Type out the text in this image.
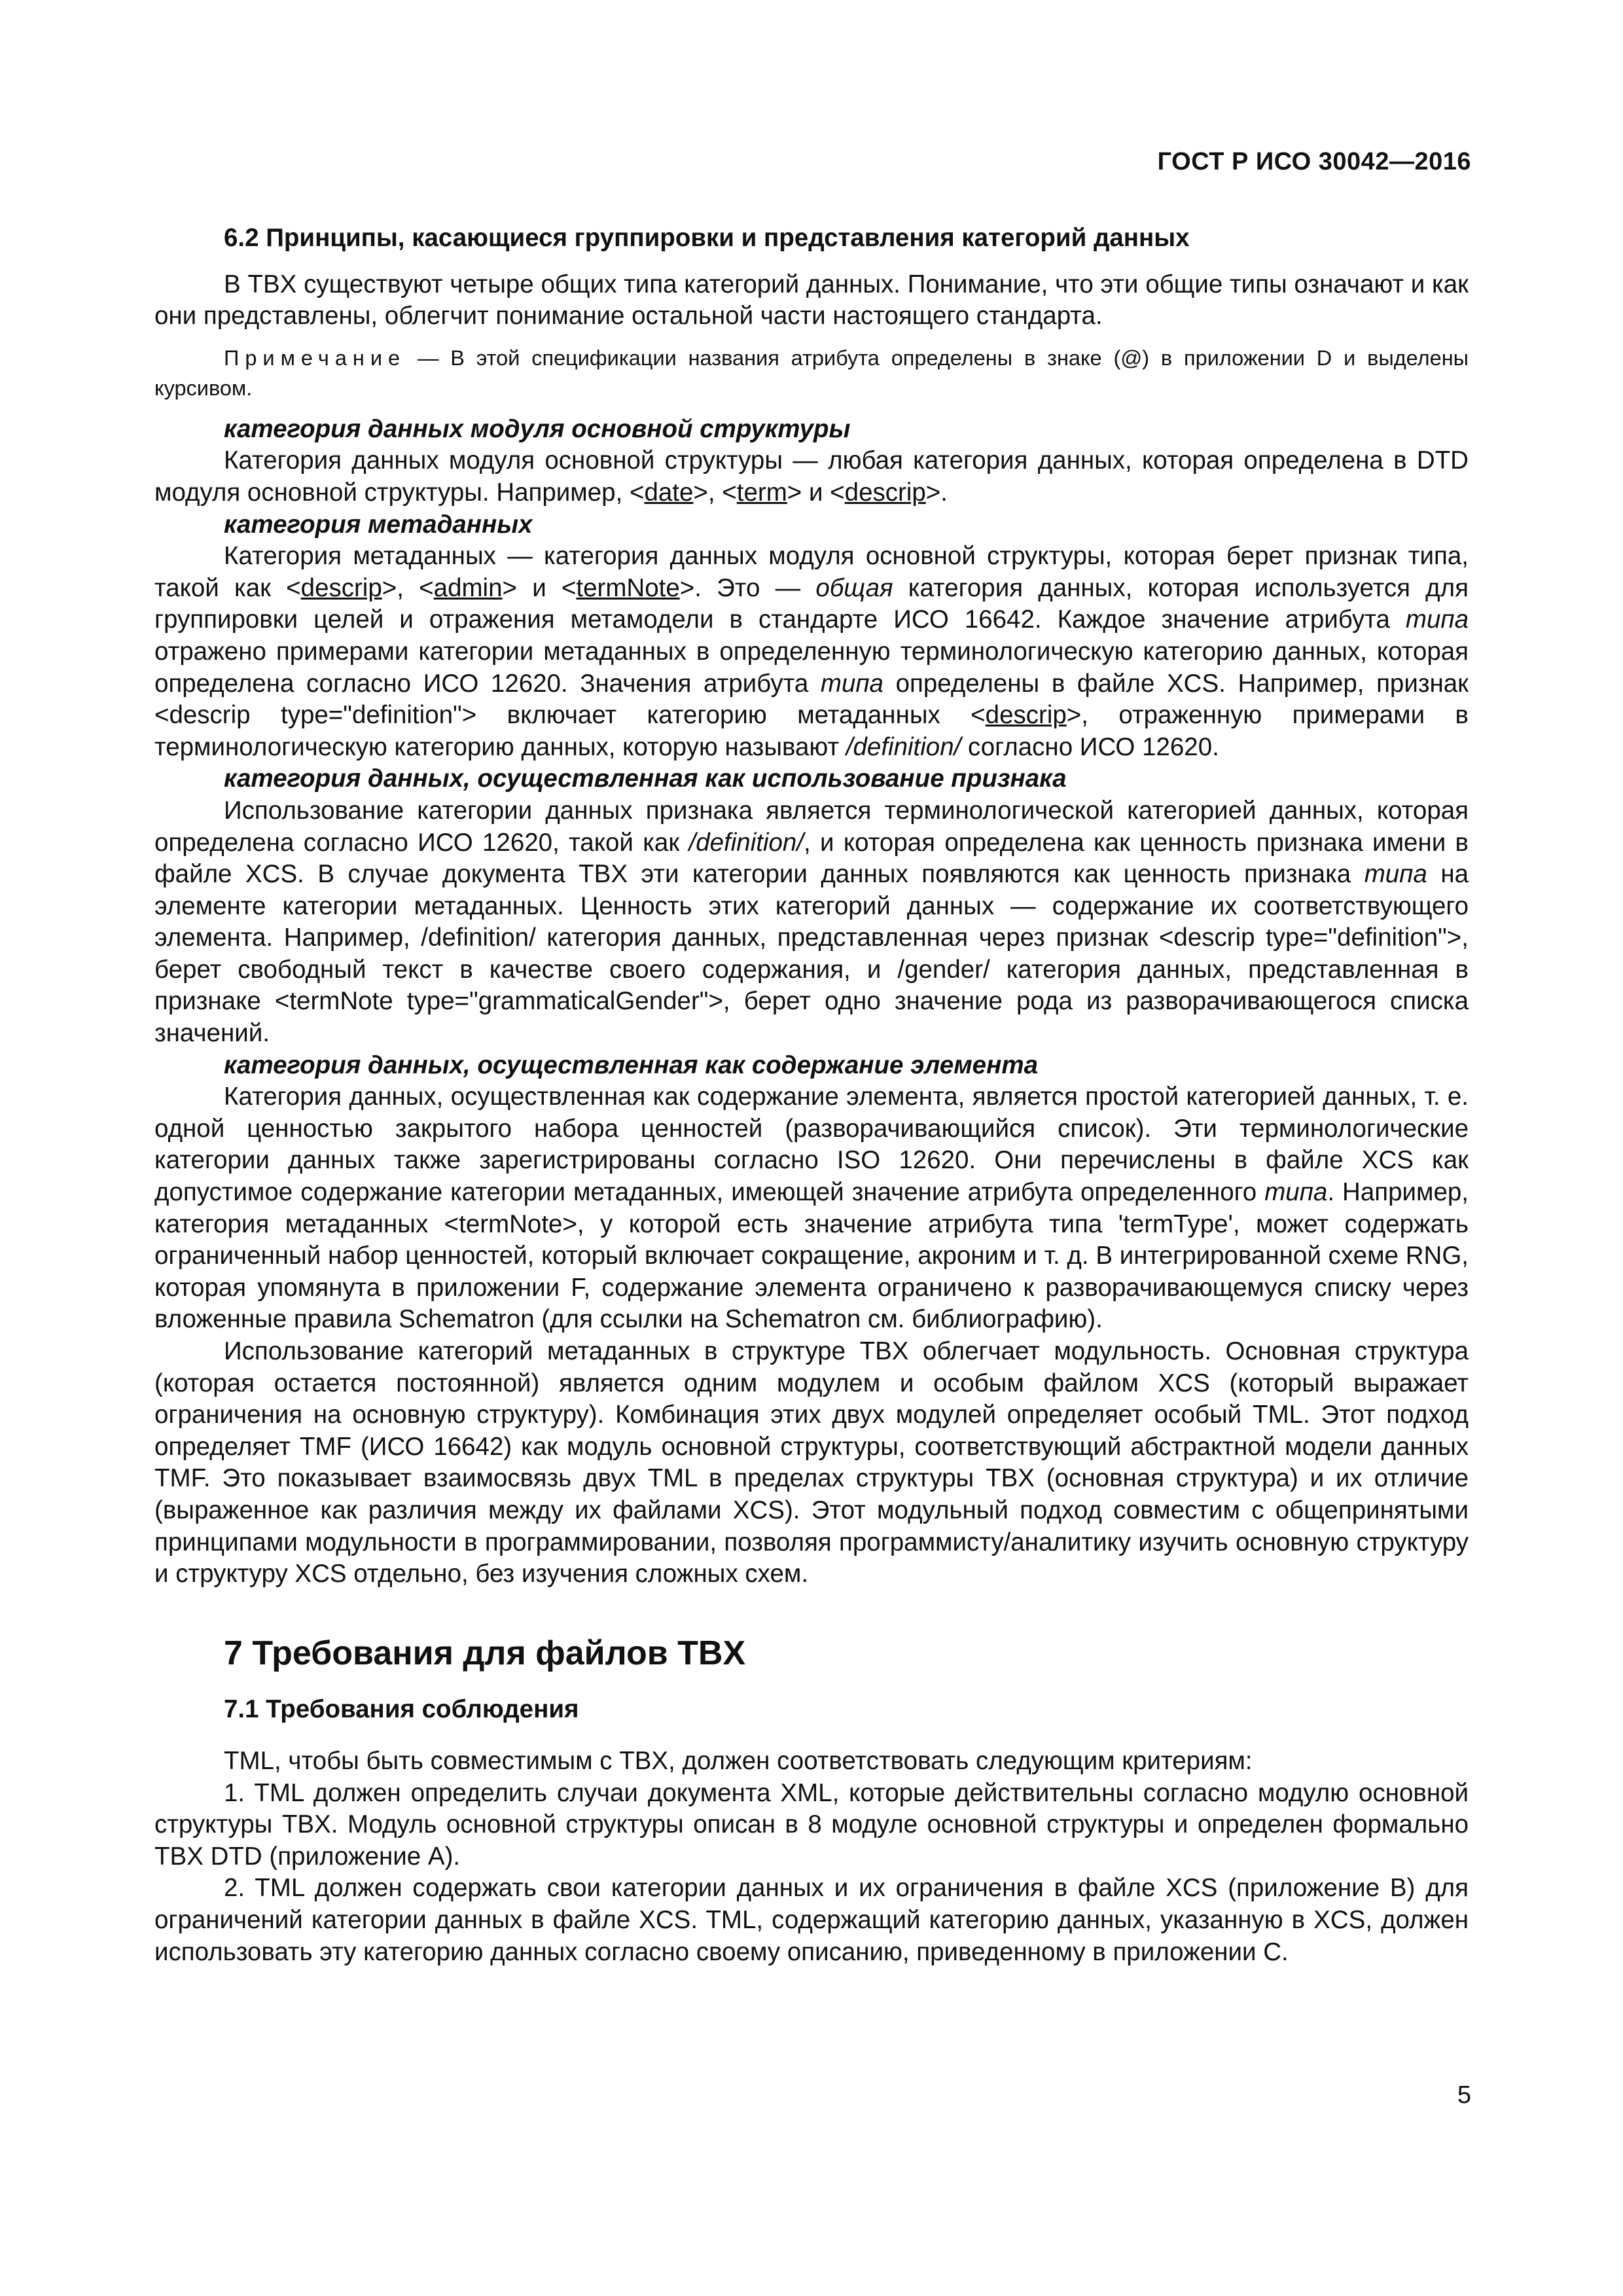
ГОСТ Р ИСО 30042—2016
6.2 Принципы, касающиеся группировки и представления категорий данных

В TBX существуют четыре общих типа категорий данных. Понимание, что эти общие типы означают и как они представлены, облегчит понимание остальной части настоящего стандарта.

Примечание — В этой спецификации названия атрибута определены в знаке (@) в приложении D и выделены курсивом.
категория данных модуля основной структуры

Категория данных модуля основной структуры — любая категория данных, которая определена в DTD модуля основной структуры. Например, <date>, <term> и <descrip>.

категория метаданных

Категория метаданных — категория данных модуля основной структуры, которая берет признак типа, такой как <descrip>, <admin> и <termNote>. Это — общая категория данных, которая используется для группировки целей и отражения метамодели в стандарте ИСО 16642. Каждое значение атрибута типа отражено примерами категории метаданных в определенную терминологическую категорию данных, которая определена согласно ИСО 12620. Значения атрибута типа определены в файле XCS. Например, признак <descrip type="definition"> включает категорию метаданных <descrip>, отраженную примерами в терминологическую категорию данных, которую называют /definition/ согласно ИСО 12620.

категория данных, осуществленная как использование признака

Использование категории данных признака является терминологической категорией данных, которая определена согласно ИСО 12620, такой как /definition/, и которая определена как ценность признака имени в файле XCS. В случае документа TBX эти категории данных появляются как ценность признака типа на элементе категории метаданных. Ценность этих категорий данных — содержание их соответствующего элемента. Например, /definition/ категория данных, представленная через признак <descrip type="definition">, берет свободный текст в качестве своего содержания, и /gender/ категория данных, представленная в признаке <termNote type="grammaticalGender">, берет одно значение рода из разворачивающегося списка значений.

категория данных, осуществленная как содержание элемента

Категория данных, осуществленная как содержание элемента, является простой категорией данных, т. е. одной ценностью закрытого набора ценностей (разворачивающийся список). Эти терминологические категории данных также зарегистрированы согласно ISO 12620. Они перечислены в файле XCS как допустимое содержание категории метаданных, имеющей значение атрибута определенного типа. Например, категория метаданных <termNote>, у которой есть значение атрибута типа 'termType', может содержать ограниченный набор ценностей, который включает сокращение, акроним и т. д. В интегрированной схеме RNG, которая упомянута в приложении F, содержание элемента ограничено к разворачивающемуся списку через вложенные правила Schematron (для ссылки на Schematron см. библиографию).

Использование категорий метаданных в структуре TBX облегчает модульность. Основная структура (которая остается постоянной) является одним модулем и особым файлом XCS (который выражает ограничения на основную структуру). Комбинация этих двух модулей определяет особый TML. Этот подход определяет TMF (ИСО 16642) как модуль основной структуры, соответствующий абстрактной модели данных TMF. Это показывает взаимосвязь двух TML в пределах структуры TBX (основная структура) и их отличие (выраженное как различия между их файлами XCS). Этот модульный подход совместим с общепринятыми принципами модульности в программировании, позволяя программисту/аналитику изучить основную структуру и структуру XCS отдельно, без изучения сложных схем.

7 Требования для файлов TBX
7.1 Требования соблюдения

TML, чтобы быть совместимым с TBX, должен соответствовать следующим критериям:

1. TML должен определить случаи документа XML, которые действительны согласно модулю основной структуры TBX. Модуль основной структуры описан в 8 модуле основной структуры и определен формально TBX DTD (приложение А).

2. TML должен содержать свои категории данных и их ограничения в файле XCS (приложение В) для ограничений категории данных в файле XCS. TML, содержащий категорию данных, указанную в XCS, должен использовать эту категорию данных согласно своему описанию, приведенному в приложении С.

5
